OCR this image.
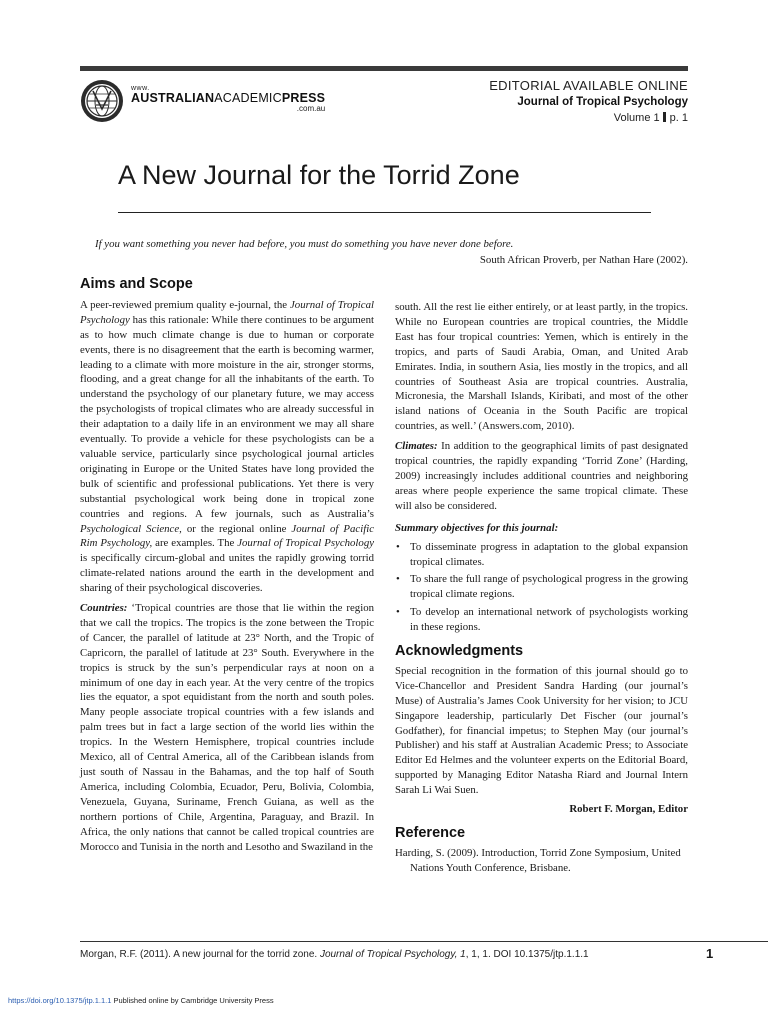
www.
AUSTRALIANACADEMICPRESS
.com.au
EDITORIAL AVAILABLE ONLINE
Journal of Tropical Psychology
Volume 1 p. 1
A New Journal for the Torrid Zone
If you want something you never had before, you must do something you have never done before.
South African Proverb, per Nathan Hare (2002).
Aims and Scope

A peer-reviewed premium quality e-journal, the Journal of Tropical Psychology has this rationale: While there continues to be argument as to how much climate change is due to human or corporate events, there is no disagreement that the earth is becoming warmer, leading to a climate with more moisture in the air, stronger storms, flooding, and a great change for all the inhabitants of the earth. To understand the psychology of our planetary future, we may access the psychologists of tropical climates who are already successful in their adaptation to a daily life in an environment we may all share eventually. To provide a vehicle for these psychologists can be a valuable service, particularly since psychological journal articles originating in Europe or the United States have long provided the bulk of scientific and professional publications. Yet there is very substantial psychological work being done in tropical zone countries and regions. A few journals, such as Australia’s Psychological Science, or the regional online Journal of Pacific Rim Psychology, are examples. The Journal of Tropical Psychology is specifically circum-global and unites the rapidly growing torrid climate-related nations around the earth in the development and sharing of their psychological discoveries.

Countries: ‘Tropical countries are those that lie within the region that we call the tropics. The tropics is the zone between the Tropic of Cancer, the parallel of latitude at 23° North, and the Tropic of Capricorn, the parallel of latitude at 23° South. Everywhere in the tropics is struck by the sun’s perpendicular rays at noon on a minimum of one day in each year. At the very centre of the tropics lies the equator, a spot equidistant from the north and south poles. Many people associate tropical countries with a few islands and palm trees but in fact a large section of the world lies within the tropics. In the Western Hemisphere, tropical countries include Mexico, all of Central America, all of the Caribbean islands from just south of Nassau in the Bahamas, and the top half of South America, including Colombia, Ecuador, Peru, Bolivia, Colombia, Venezuela, Guyana, Suriname, French Guiana, as well as the northern portions of Chile, Argentina, Paraguay, and Brazil. In Africa, the only nations that cannot be called tropical countries are Morocco and Tunisia in the north and Lesotho and Swaziland in the

south. All the rest lie either entirely, or at least partly, in the tropics. While no European countries are tropical countries, the Middle East has four tropical countries: Yemen, which is entirely in the tropics, and parts of Saudi Arabia, Oman, and United Arab Emirates. India, in southern Asia, lies mostly in the tropics, and all countries of Southeast Asia are tropical countries. Australia, Micronesia, the Marshall Islands, Kiribati, and most of the other island nations of Oceania in the South Pacific are tropical countries, as well.’ (Answers.com, 2010).

Climates: In addition to the geographical limits of past designated tropical countries, the rapidly expanding ‘Torrid Zone’ (Harding, 2009) increasingly includes additional countries and neighboring areas where people experience the same tropical climate. These will also be considered.

Summary objectives for this journal:
• To disseminate progress in adaptation to the global expansion tropical climates.
• To share the full range of psychological progress in the growing tropical climate regions.
• To develop an international network of psychologists working in these regions.
Acknowledgments

Special recognition in the formation of this journal should go to Vice-Chancellor and President Sandra Harding (our journal’s Muse) of Australia’s James Cook University for her vision; to JCU Singapore leadership, particularly Det Fischer (our journal’s Godfather), for financial impetus; to Stephen May (our journal’s Publisher) and his staff at Australian Academic Press; to Associate Editor Ed Helmes and the volunteer experts on the Editorial Board, supported by Managing Editor Natasha Riard and Journal Intern Sarah Li Wai Suen.

Robert F. Morgan, Editor
Reference

Harding, S. (2009). Introduction, Torrid Zone Symposium, United Nations Youth Conference, Brisbane.

Morgan, R.F. (2011). A new journal for the torrid zone. Journal of Tropical Psychology, 1, 1, 1. DOI 10.1375/jtp.1.1.1	1
https://doi.org/10.1375/jtp.1.1.1 Published online by Cambridge University Press
